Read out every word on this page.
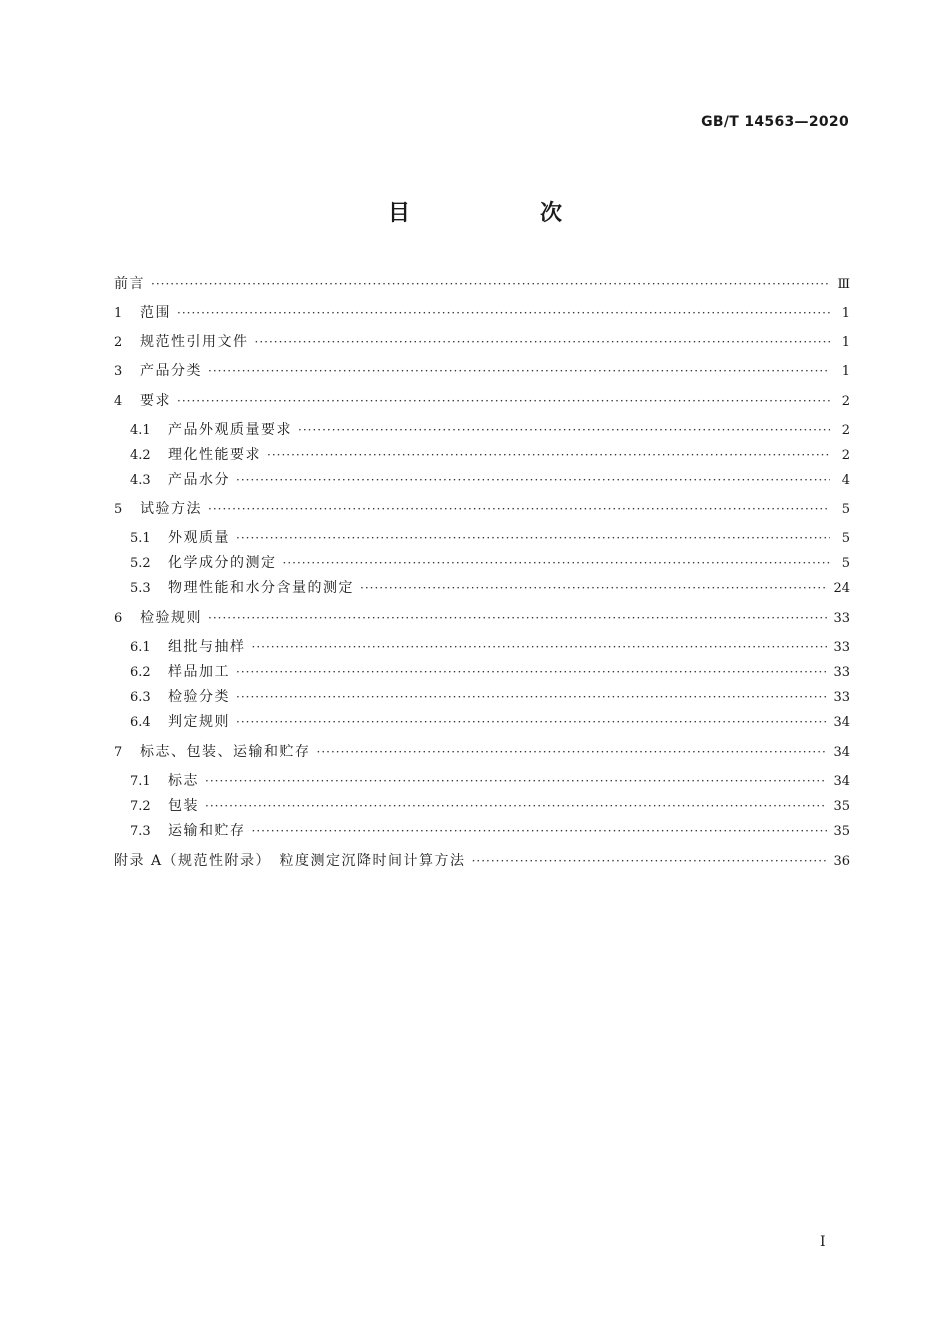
GB/T 14563—2020
目　次
前言 ·····	Ⅲ
1	范围 ·····	1
2	规范性引用文件 ·····	1
3	产品分类 ·····	1
4	要求 ·····	2
4.1	产品外观质量要求 ·····	2
4.2	理化性能要求 ·····	2
4.3	产品水分 ·····	4
5	试验方法 ·····	5
5.1	外观质量 ·····	5
5.2	化学成分的测定 ·····	5
5.3	物理性能和水分含量的测定 ·····	24
6	检验规则 ·····	33
6.1	组批与抽样 ·····	33
6.2	样品加工 ·····	33
6.3	检验分类 ·····	33
6.4	判定规则 ·····	34
7	标志、包装、运输和贮存 ·····	34
7.1	标志 ·····	34
7.2	包装 ·····	35
7.3	运输和贮存 ·····	35
附录 A（规范性附录）　粒度测定沉降时间计算方法 ·····	36
I
